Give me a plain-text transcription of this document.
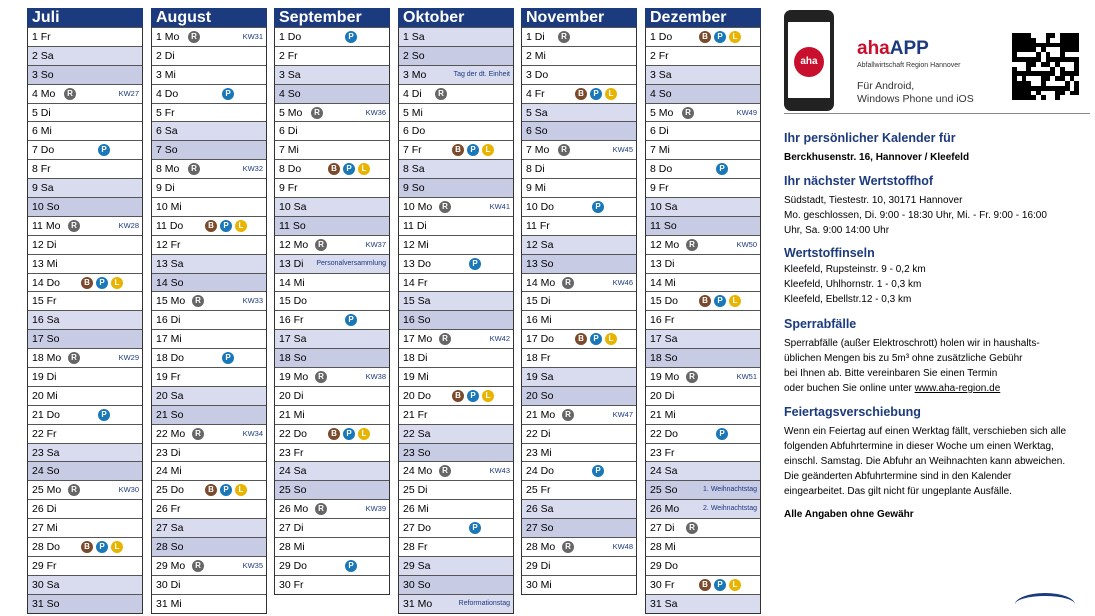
Juli
1 Fr
2 Sa
3 So
4 Mo	R	KW27
5 Di
6 Mi
7 Do	P
8 Fr
9 Sa
10 So
11 Mo	R	KW28
12 Di
13 Mi
14 Do	B	P	L
15 Fr
16 Sa
17 So
18 Mo	R	KW29
19 Di
20 Mi
21 Do	P
22 Fr
23 Sa
24 So
25 Mo	R	KW30
26 Di
27 Mi
28 Do	B	P	L
29 Fr
30 Sa
31 So
August
1 Mo	R	KW31
2 Di
3 Mi
4 Do	P
5 Fr
6 Sa
7 So
8 Mo	R	KW32
9 Di
10 Mi
11 Do	B	P	L
12 Fr
13 Sa
14 So
15 Mo	R	KW33
16 Di
17 Mi
18 Do	P
19 Fr
20 Sa
21 So
22 Mo	R	KW34
23 Di
24 Mi
25 Do	B	P	L
26 Fr
27 Sa
28 So
29 Mo	R	KW35
30 Di
31 Mi
September
1 Do	P
2 Fr
3 Sa
4 So
5 Mo	R	KW36
6 Di
7 Mi
8 Do	B	P	L
9 Fr
10 Sa
11 So
12 Mo	R	KW37
13 Di Personalversammlung
14 Mi
15 Do
16 Fr	P
17 Sa
18 So
19 Mo	R	KW38
20 Di
21 Mi
22 Do	B	P	L
23 Fr
24 Sa
25 So
26 Mo	R	KW39
27 Di
28 Mi
29 Do	P
30 Fr
Oktober
1 Sa
2 So
3 Mo	Tag der dt. Einheit
4 Di	R
5 Mi
6 Do
7 Fr	B	P	L
8 Sa
9 So
10 Mo	R	KW41
11 Di
12 Mi
13 Do	P
14 Fr
15 Sa
16 So
17 Mo	R	KW42
18 Di
19 Mi
20 Do	B	P	L
21 Fr
22 Sa
23 So
24 Mo	R	KW43
25 Di
26 Mi
27 Do	P
28 Fr
29 Sa
30 So
31 Mo	Reformationstag
November
1 Di	R
2 Mi
3 Do
4 Fr	B	P	L
5 Sa
6 So
7 Mo	R	KW45
8 Di
9 Mi
10 Do	P
11 Fr
12 Sa
13 So
14 Mo	R	KW46
15 Di
16 Mi
17 Do	B	P	L
18 Fr
19 Sa
20 So
21 Mo	R	KW47
22 Di
23 Mi
24 Do	P
25 Fr
26 Sa
27 So
28 Mo	R	KW48
29 Di
30 Mi
Dezember
1 Do	B	P	L
2 Fr
3 Sa
4 So
5 Mo	R	KW49
6 Di
7 Mi
8 Do	P
9 Fr
10 Sa
11 So
12 Mo	R	KW50
13 Di
14 Mi
15 Do	B	P	L
16 Fr
17 Sa
18 So
19 Mo	R	KW51
20 Di
21 Mi
22 Do	P
23 Fr
24 Sa
25 So	1. Weihnachtstag
26 Mo	2. Weihnachtstag
27 Di	R
28 Mi
29 Do
30 Fr	B	P	L
31 Sa
aha
ahaAPP
Abfallwirtschaft Region Hannover
Für Android,
Windows Phone und iOS
Ihr persönlicher Kalender für
Berckhusenstr. 16, Hannover / Kleefeld
Ihr nächster Wertstoffhof
Südstadt, Tiestestr. 10, 30171 Hannover
Mo. geschlossen, Di. 9:00 - 18:30 Uhr, Mi. - Fr. 9:00 - 16:00
Uhr, Sa. 9:00 14:00 Uhr
Wertstoffinseln
Kleefeld, Rupsteinstr. 9 - 0,2 km
Kleefeld, Uhlhornstr. 1 - 0,3 km
Kleefeld, Ebellstr.12 - 0,3 km
Sperrabfälle
Sperrabfälle (außer Elektroschrott) holen wir in haushalts-
üblichen Mengen bis zu 5m³ ohne zusätzliche Gebühr
bei Ihnen ab. Bitte vereinbaren Sie einen Termin
oder buchen Sie online unter www.aha-region.de
Feiertagsverschiebung
Wenn ein Feiertag auf einen Werktag fällt, verschieben sich alle
folgenden Abfuhrtermine in dieser Woche um einen Werktag,
einschl. Samstag. Die Abfuhr an Weihnachten kann abweichen.
Die geänderten Abfuhrtermine sind in den Kalender
eingearbeitet. Das gilt nicht für ungeplante Ausfälle.
Alle Angaben ohne Gewähr
